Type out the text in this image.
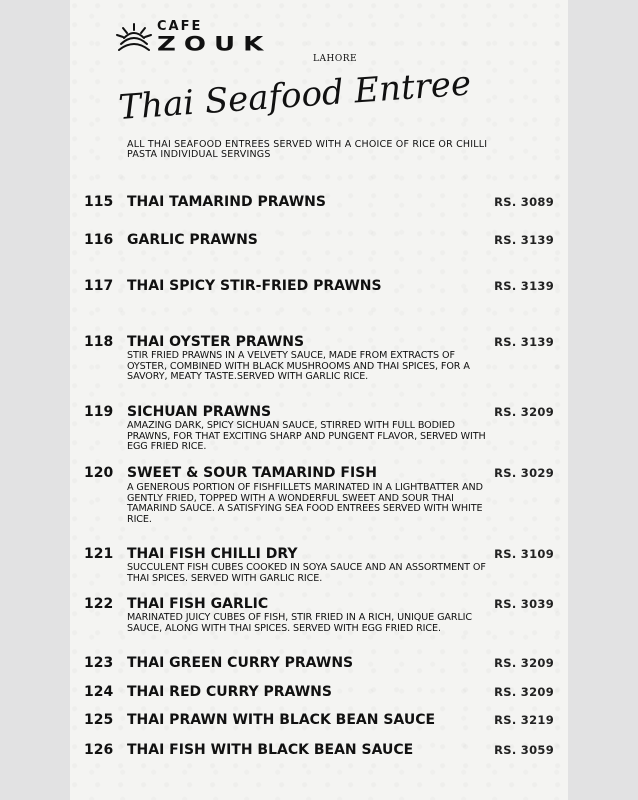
CAFE
ZOUK
LAHORE
Thai Seafood Entree
ALL THAI SEAFOOD ENTREES SERVED WITH A CHOICE OF RICE OR CHILLI PASTA INDIVIDUAL SERVINGS
115 THAI TAMARIND PRAWNS	RS. 3089
116 GARLIC PRAWNS	RS. 3139
117 THAI SPICY STIR-FRIED PRAWNS	RS. 3139
118 THAI OYSTER PRAWNS	RS. 3139
STIR FRIED PRAWNS IN A VELVETY SAUCE, MADE FROM EXTRACTS OF OYSTER, COMBINED WITH BLACK MUSHROOMS AND THAI SPICES, FOR A SAVORY, MEATY TASTE.SERVED WITH GARLIC RICE.
119 SICHUAN PRAWNS	RS. 3209
AMAZING DARK, SPICY SICHUAN SAUCE, STIRRED WITH FULL BODIED PRAWNS, FOR THAT EXCITING SHARP AND PUNGENT FLAVOR, SERVED WITH EGG FRIED RICE.
120 SWEET & SOUR TAMARIND FISH	RS. 3029
A GENEROUS PORTION OF FISHFILLETS MARINATED IN A LIGHTBATTER AND GENTLY FRIED, TOPPED WITH A WONDERFUL SWEET AND SOUR THAI TAMARIND SAUCE. A SATISFYING SEA FOOD ENTREES SERVED WITH WHITE RICE.
121 THAI FISH CHILLI DRY	RS. 3109
SUCCULENT FISH CUBES COOKED IN SOYA SAUCE AND AN ASSORTMENT OF THAI SPICES. SERVED WITH GARLIC RICE.
122 THAI FISH GARLIC	RS. 3039
MARINATED JUICY CUBES OF FISH, STIR FRIED IN A RICH, UNIQUE GARLIC SAUCE, ALONG WITH THAI SPICES. SERVED WITH EGG FRIED RICE.
123 THAI GREEN CURRY PRAWNS	RS. 3209
124 THAI RED CURRY PRAWNS	RS. 3209
125 THAI PRAWN WITH BLACK BEAN SAUCE	RS. 3219
126 THAI FISH WITH BLACK BEAN SAUCE	RS. 3059
